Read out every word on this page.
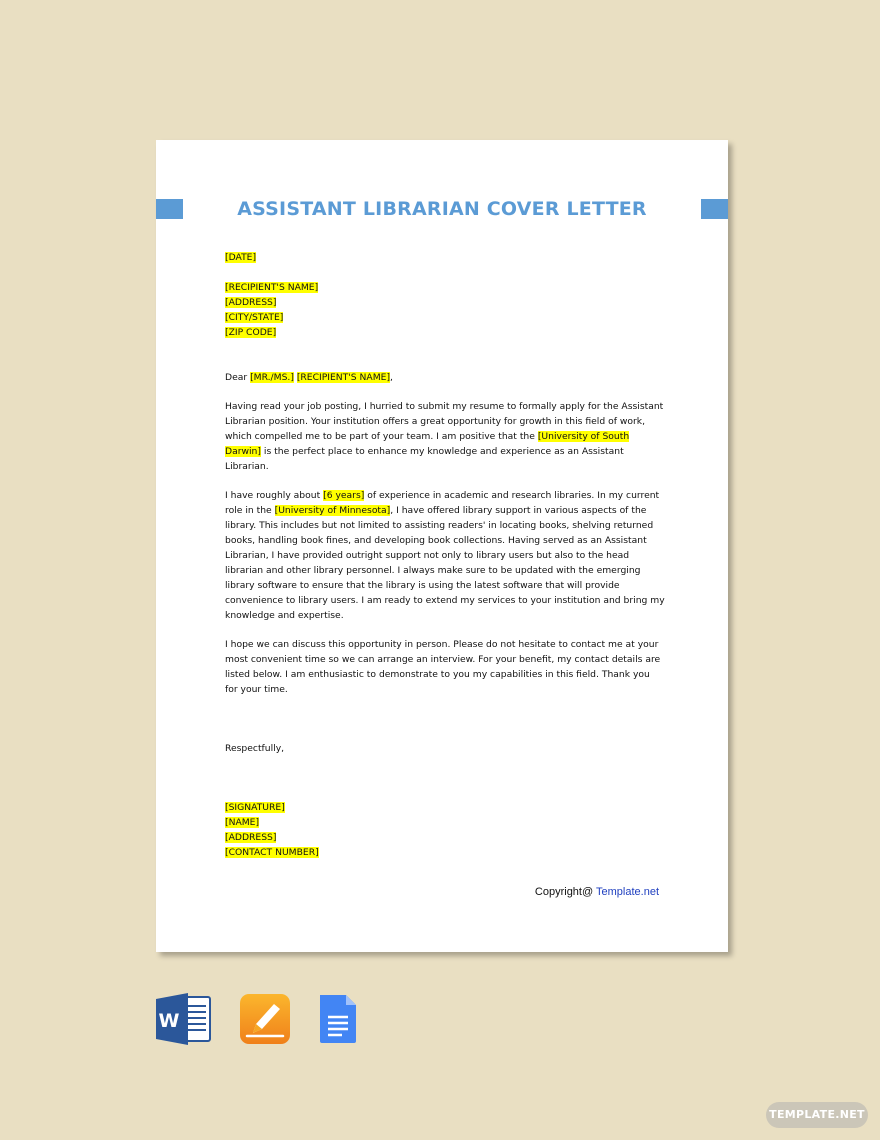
ASSISTANT LIBRARIAN COVER LETTER

[DATE]

[RECIPIENT'S NAME]

[ADDRESS]

[CITY/STATE]

[ZIP CODE]

Dear [MR./MS.] [RECIPIENT'S NAME],

Having read your job posting, I hurried to submit my resume to formally apply for the Assistant Librarian position. Your institution offers a great opportunity for growth in this field of work, which compelled me to be part of your team. I am positive that the [University of South Darwin] is the perfect place to enhance my knowledge and experience as an Assistant Librarian.

I have roughly about [6 years] of experience in academic and research libraries. In my current role in the [University of Minnesota], I have offered library support in various aspects of the library. This includes but not limited to assisting readers' in locating books, shelving returned books, handling book fines, and developing book collections. Having served as an Assistant Librarian, I have provided outright support not only to library users but also to the head librarian and other library personnel. I always make sure to be updated with the emerging library software to ensure that the library is using the latest software that will provide convenience to library users. I am ready to extend my services to your institution and bring my knowledge and expertise.

I hope we can discuss this opportunity in person. Please do not hesitate to contact me at your most convenient time so we can arrange an interview. For your benefit, my contact details are listed below. I am enthusiastic to demonstrate to you my capabilities in this field. Thank you for your time.

Respectfully,

[SIGNATURE]

[NAME]

[ADDRESS]

[CONTACT NUMBER]

Copyright@ Template.net
W
TEMPLATE.NET
